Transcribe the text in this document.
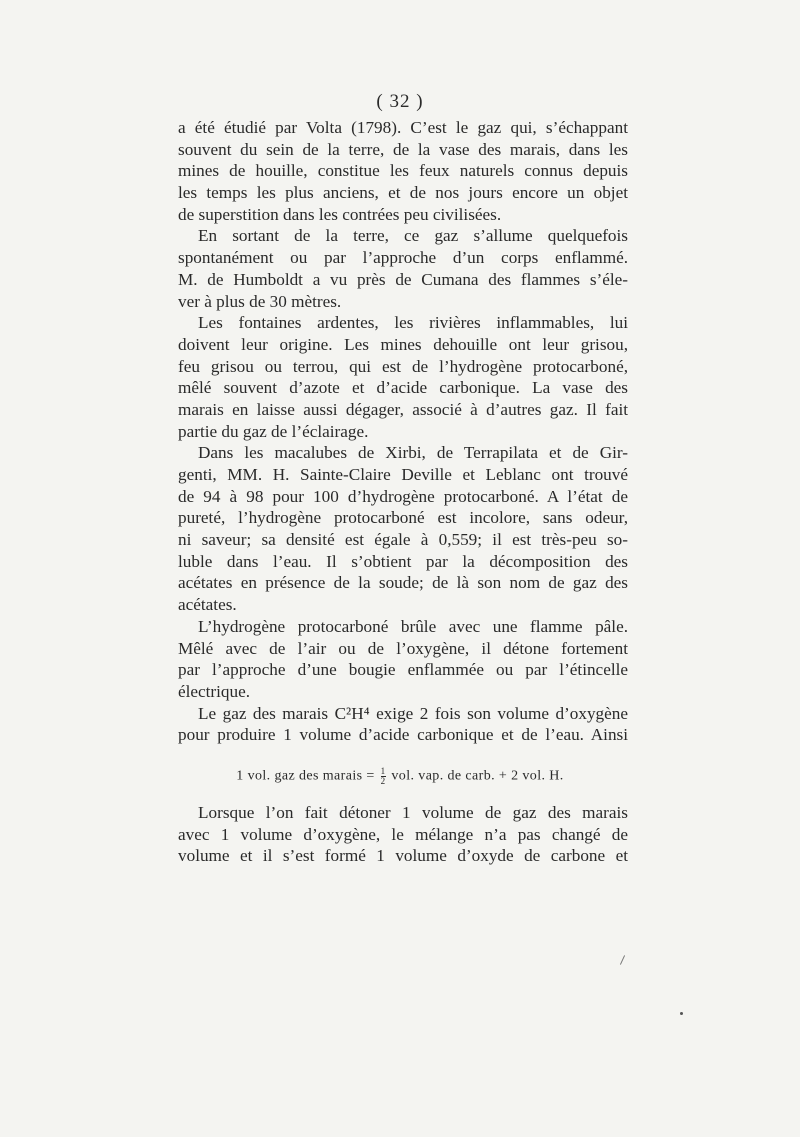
( 32 )
a été étudié par Volta (1798). C’est le gaz qui, s’échappant
souvent du sein de la terre, de la vase des marais, dans les
mines de houille, constitue les feux naturels connus depuis
les temps les plus anciens, et de nos jours encore un objet
de superstition dans les contrées peu civilisées.
En sortant de la terre, ce gaz s’allume quelquefois
spontanément ou par l’approche d’un corps enflammé.
M. de Humboldt a vu près de Cumana des flammes s’éle-
ver à plus de 30 mètres.
Les fontaines ardentes, les rivières inflammables, lui
doivent leur origine. Les mines dehouille ont leur grisou,
feu grisou ou terrou, qui est de l’hydrogène protocarboné,
mêlé souvent d’azote et d’acide carbonique. La vase des
marais en laisse aussi dégager, associé à d’autres gaz. Il fait
partie du gaz de l’éclairage.
Dans les macalubes de Xirbi, de Terrapilata et de Gir-
genti, MM. H. Sainte-Claire Deville et Leblanc ont trouvé
de 94 à 98 pour 100 d’hydrogène protocarboné. A l’état de
pureté, l’hydrogène protocarboné est incolore, sans odeur,
ni saveur; sa densité est égale à 0,559; il est très-peu so-
luble dans l’eau. Il s’obtient par la décomposition des
acétates en présence de la soude; de là son nom de gaz des
acétates.
L’hydrogène protocarboné brûle avec une flamme pâle.
Mêlé avec de l’air ou de l’oxygène, il détone fortement
par l’approche d’une bougie enflammée ou par l’étincelle
électrique.
Le gaz des marais C²H⁴ exige 2 fois son volume d’oxygène
pour produire 1 volume d’acide carbonique et de l’eau. Ainsi
1 vol. gaz des marais = $\frac{1}{2}$ vol. vap. de carb. + 2 vol. H.
Lorsque l’on fait détoner 1 volume de gaz des marais
avec 1 volume d’oxygène, le mélange n’a pas changé de
volume et il s’est formé 1 volume d’oxyde de carbone et
